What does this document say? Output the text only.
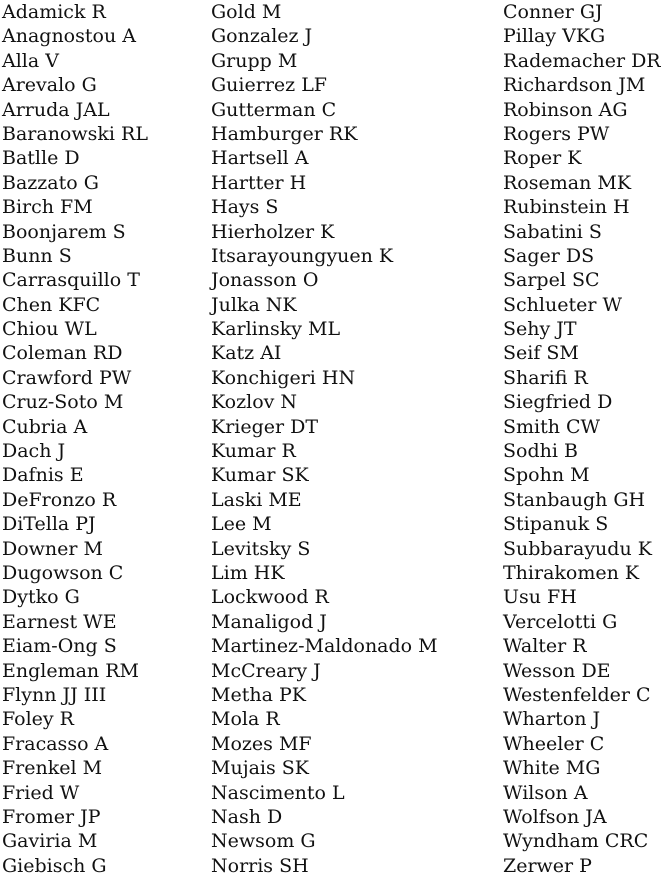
Adamick R
Anagnostou A
Alla V
Arevalo G
Arruda JAL
Baranowski RL
Batlle D
Bazzato G
Birch FM
Boonjarem S
Bunn S
Carrasquillo T
Chen KFC
Chiou WL
Coleman RD
Crawford PW
Cruz-Soto M
Cubria A
Dach J
Dafnis E
DeFronzo R
DiTella PJ
Downer M
Dugowson C
Dytko G
Earnest WE
Eiam-Ong S
Engleman RM
Flynn JJ III
Foley R
Fracasso A
Frenkel M
Fried W
Fromer JP
Gaviria M
Giebisch G
Gold M
Gonzalez J
Grupp M
Guierrez LF
Gutterman C
Hamburger RK
Hartsell A
Hartter H
Hays S
Hierholzer K
Itsarayoungyuen K
Jonasson O
Julka NK
Karlinsky ML
Katz AI
Konchigeri HN
Kozlov N
Krieger DT
Kumar R
Kumar SK
Laski ME
Lee M
Levitsky S
Lim HK
Lockwood R
Manaligod J
Martinez-Maldonado M
McCreary J
Metha PK
Mola R
Mozes MF
Mujais SK
Nascimento L
Nash D
Newsom G
Norris SH
Conner GJ
Pillay VKG
Rademacher DR
Richardson JM
Robinson AG
Rogers PW
Roper K
Roseman MK
Rubinstein H
Sabatini S
Sager DS
Sarpel SC
Schlueter W
Sehy JT
Seif SM
Sharifi R
Siegfried D
Smith CW
Sodhi B
Spohn M
Stanbaugh GH
Stipanuk S
Subbarayudu K
Thirakomen K
Usu FH
Vercelotti G
Walter R
Wesson DE
Westenfelder C
Wharton J
Wheeler C
White MG
Wilson A
Wolfson JA
Wyndham CRC
Zerwer P
